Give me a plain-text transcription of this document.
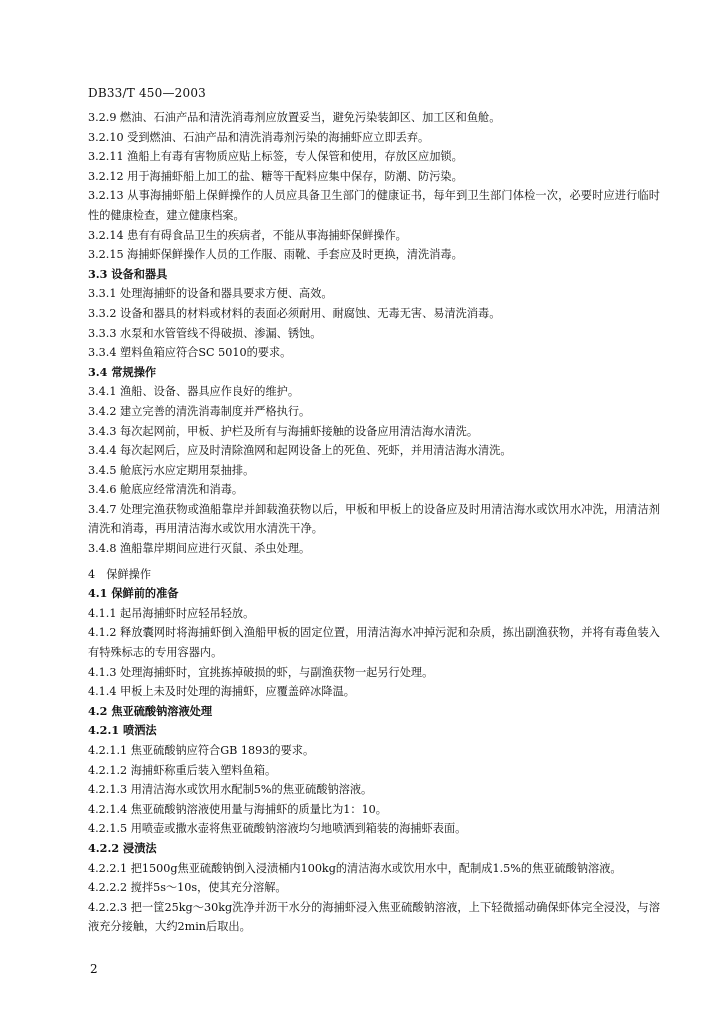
DB33/T 450—2003

3.2.9 燃油、石油产品和清洗消毒剂应放置妥当，避免污染装卸区、加工区和鱼舱。

3.2.10 受到燃油、石油产品和清洗消毒剂污染的海捕虾应立即丢弃。

3.2.11 渔船上有毒有害物质应贴上标签，专人保管和使用，存放区应加锁。

3.2.12 用于海捕虾船上加工的盐、糖等干配料应集中保存，防潮、防污染。

3.2.13 从事海捕虾船上保鲜操作的人员应具备卫生部门的健康证书，每年到卫生部门体检一次，必要时应进行临时性的健康检查，建立健康档案。

3.2.14 患有有碍食品卫生的疾病者，不能从事海捕虾保鲜操作。

3.2.15 海捕虾保鲜操作人员的工作服、雨靴、手套应及时更换，清洗消毒。

3.3 设备和器具

3.3.1 处理海捕虾的设备和器具要求方便、高效。

3.3.2 设备和器具的材料或材料的表面必须耐用、耐腐蚀、无毒无害、易清洗消毒。

3.3.3 水泵和水管管线不得破损、渗漏、锈蚀。

3.3.4 塑料鱼箱应符合SC 5010的要求。

3.4 常规操作

3.4.1 渔船、设备、器具应作良好的维护。

3.4.2 建立完善的清洗消毒制度并严格执行。

3.4.3 每次起网前，甲板、护栏及所有与海捕虾接触的设备应用清洁海水清洗。

3.4.4 每次起网后，应及时清除渔网和起网设备上的死鱼、死虾，并用清洁海水清洗。

3.4.5 舱底污水应定期用泵抽排。

3.4.6 舱底应经常清洗和消毒。

3.4.7 处理完渔获物或渔船靠岸并卸载渔获物以后，甲板和甲板上的设备应及时用清洁海水或饮用水冲洗，用清洁剂清洗和消毒，再用清洁海水或饮用水清洗干净。

3.4.8 渔船靠岸期间应进行灭鼠、杀虫处理。

4　保鲜操作

4.1 保鲜前的准备

4.1.1 起吊海捕虾时应轻吊轻放。

4.1.2 释放囊网时将海捕虾倒入渔船甲板的固定位置，用清洁海水冲掉污泥和杂质，拣出副渔获物，并将有毒鱼装入有特殊标志的专用容器内。

4.1.3 处理海捕虾时，宜挑拣掉破损的虾，与副渔获物一起另行处理。

4.1.4 甲板上未及时处理的海捕虾，应覆盖碎冰降温。

4.2 焦亚硫酸钠溶液处理

4.2.1 喷洒法

4.2.1.1 焦亚硫酸钠应符合GB 1893的要求。

4.2.1.2 海捕虾称重后装入塑料鱼箱。

4.2.1.3 用清洁海水或饮用水配制5%的焦亚硫酸钠溶液。

4.2.1.4 焦亚硫酸钠溶液使用量与海捕虾的质量比为1：10。

4.2.1.5 用喷壶或撒水壶将焦亚硫酸钠溶液均匀地喷洒到箱装的海捕虾表面。

4.2.2 浸渍法

4.2.2.1 把1500g焦亚硫酸钠倒入浸渍桶内100kg的清洁海水或饮用水中，配制成1.5%的焦亚硫酸钠溶液。

4.2.2.2 搅拌5s～10s，使其充分溶解。

4.2.2.3 把一筐25kg～30kg洗净并沥干水分的海捕虾浸入焦亚硫酸钠溶液，上下轻微摇动确保虾体完全浸没，与溶液充分接触，大约2min后取出。

2
